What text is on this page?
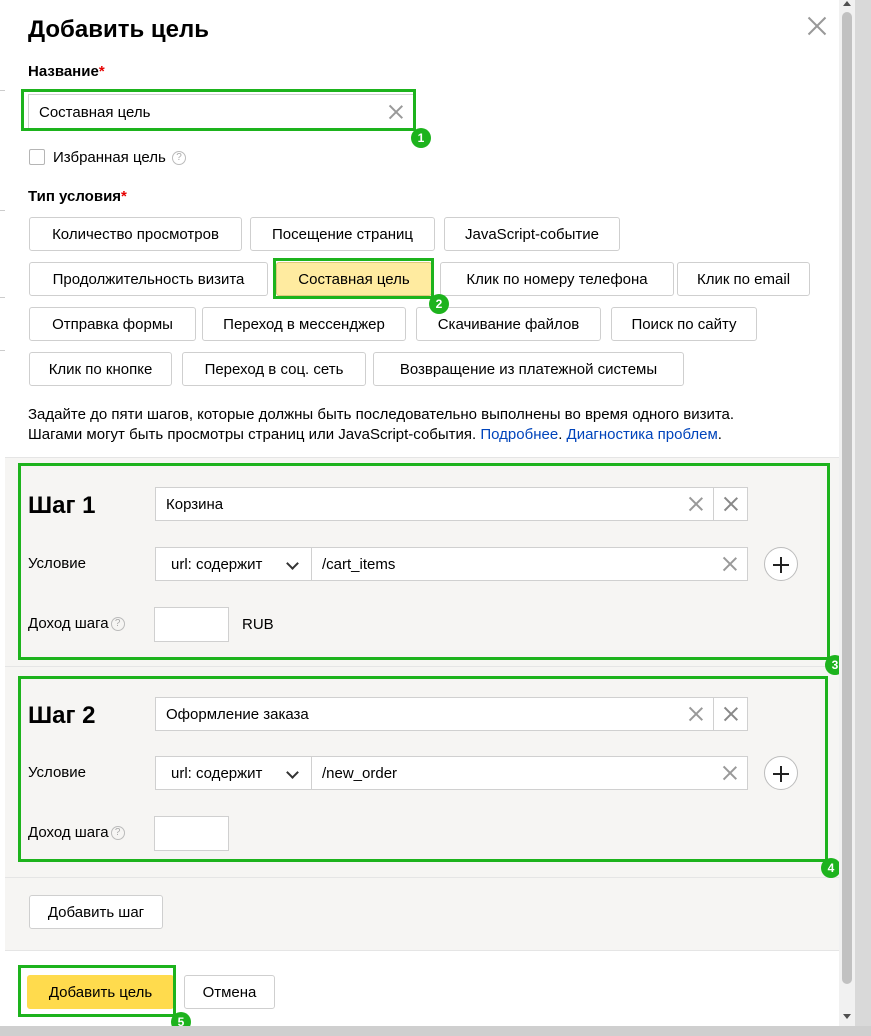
Добавить цель
Название*
Составная цель
Избранная цель ?
Тип условия*
Количество просмотров	Посещение страниц	JavaScript-событие
Продолжительность визита	Составная цель	Клик по номеру телефона	Клик по email
Отправка формы	Переход в мессенджер	Скачивание файлов	Поиск по сайту
Клик по кнопке	Переход в соц. сеть	Возвращение из платежной системы
Задайте до пяти шагов, которые должны быть последовательно выполнены во время одного визита.
Шагами могут быть просмотры страниц или JavaScript-события. Подробнее. Диагностика проблем.
Шаг 1	Корзина
Условие	url: содержит	/cart_items
Доход шага ?	RUB
Шаг 2	Оформление заказа
Условие	url: содержит	/new_order
Доход шага ?
Добавить шаг
Добавить цель	Отмена
1
2
3
4
5
